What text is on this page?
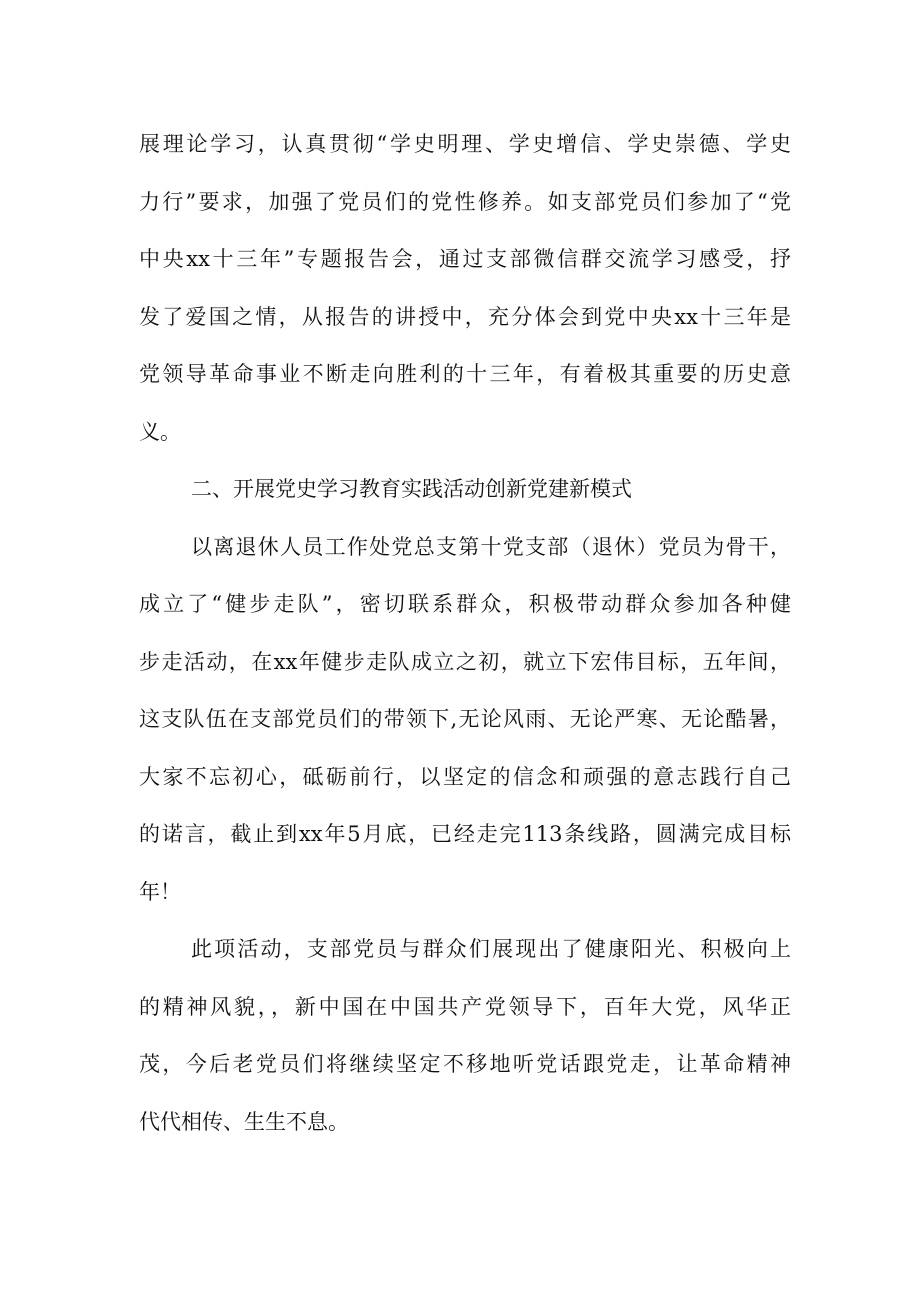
展理论学习，认真贯彻“学史明理、学史增信、学史崇德、学史
力行”要求，加强了党员们的党性修养。如支部党员们参加了“党
中央xx十三年”专题报告会，通过支部微信群交流学习感受，抒
发了爱国之情，从报告的讲授中，充分体会到党中央xx十三年是
党领导革命事业不断走向胜利的十三年，有着极其重要的历史意
义。
二、开展党史学习教育实践活动创新党建新模式
以离退休人员工作处党总支第十党支部（退休）党员为骨干，
成立了“健步走队”，密切联系群众，积极带动群众参加各种健
步走活动，在xx年健步走队成立之初，就立下宏伟目标，五年间，
这支队伍在支部党员们的带领下,无论风雨、无论严寒、无论酷暑，
大家不忘初心，砥砺前行，以坚定的信念和顽强的意志践行自己
的诺言，截止到xx年5月底，已经走完113条线路，圆满完成目标
年！
此项活动，支部党员与群众们展现出了健康阳光、积极向上
的精神风貌，，新中国在中国共产党领导下，百年大党，风华正
茂，今后老党员们将继续坚定不移地听党话跟党走，让革命精神
代代相传、生生不息。
